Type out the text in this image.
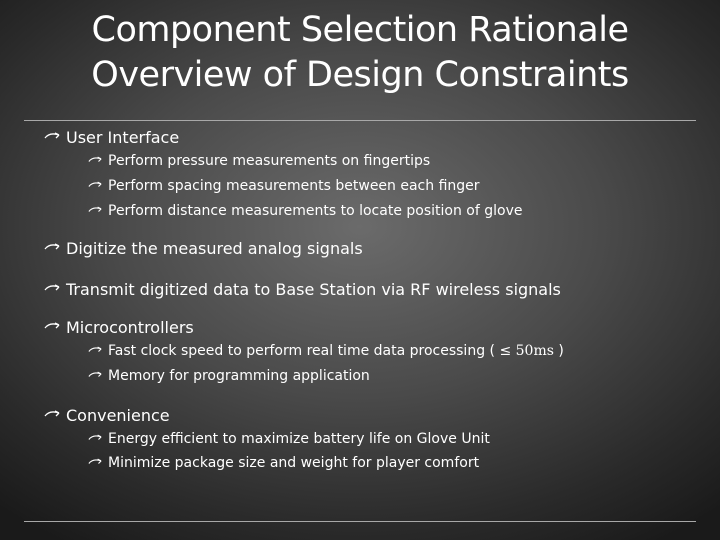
Component Selection Rationale
Overview of Design Constraints
User Interface
Perform pressure measurements on fingertips
Perform spacing measurements between each finger
Perform distance measurements to locate position of glove
Digitize the measured analog signals
Transmit digitized data to Base Station via RF wireless signals
Microcontrollers
Fast clock speed to perform real time data processing ( ≤ 50ms )
Memory for programming application
Convenience
Energy efficient to maximize battery life on Glove Unit
Minimize package size and weight for player comfort
